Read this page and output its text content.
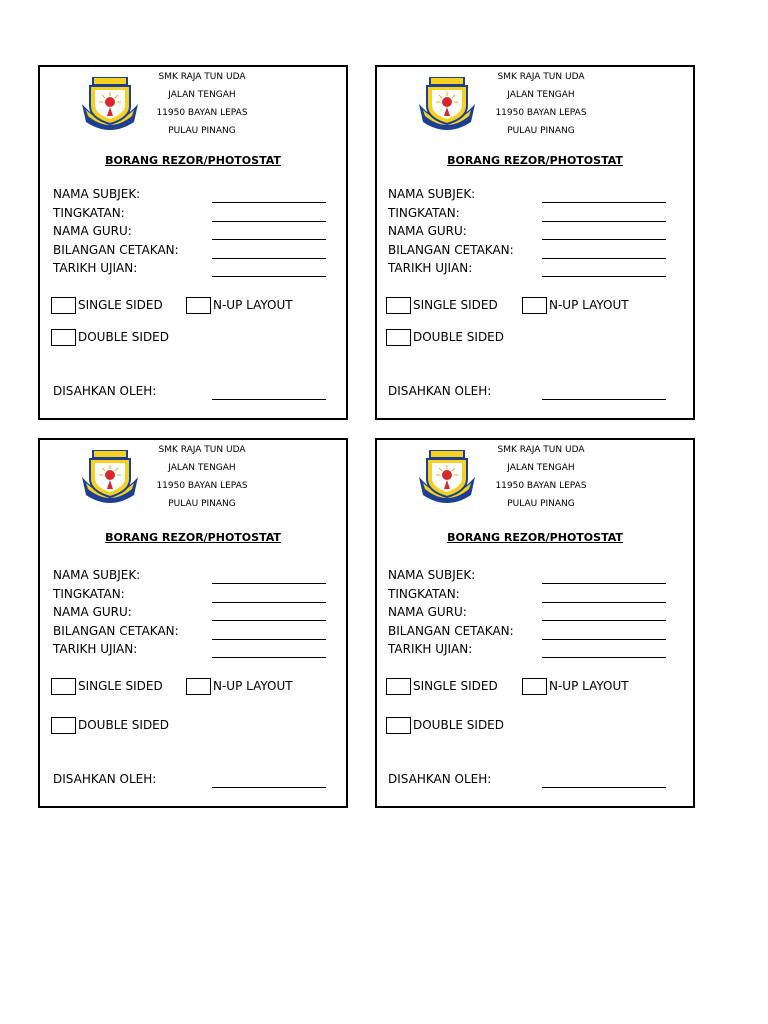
SMK RAJA TUN UDA
JALAN TENGAH
11950 BAYAN LEPAS
PULAU PINANG
BORANG REZOR/PHOTOSTAT
NAMA SUBJEK:
TINGKATAN:
NAMA GURU:
BILANGAN CETAKAN:
TARIKH UJIAN:
SINGLE SIDED	N-UP LAYOUT
DOUBLE SIDED
DISAHKAN OLEH:
SMK RAJA TUN UDA
JALAN TENGAH
11950 BAYAN LEPAS
PULAU PINANG
BORANG REZOR/PHOTOSTAT
NAMA SUBJEK:
TINGKATAN:
NAMA GURU:
BILANGAN CETAKAN:
TARIKH UJIAN:
SINGLE SIDED	N-UP LAYOUT
DOUBLE SIDED
DISAHKAN OLEH:
SMK RAJA TUN UDA
JALAN TENGAH
11950 BAYAN LEPAS
PULAU PINANG
BORANG REZOR/PHOTOSTAT
NAMA SUBJEK:
TINGKATAN:
NAMA GURU:
BILANGAN CETAKAN:
TARIKH UJIAN:
SINGLE SIDED	N-UP LAYOUT
DOUBLE SIDED
DISAHKAN OLEH:
SMK RAJA TUN UDA
JALAN TENGAH
11950 BAYAN LEPAS
PULAU PINANG
BORANG REZOR/PHOTOSTAT
NAMA SUBJEK:
TINGKATAN:
NAMA GURU:
BILANGAN CETAKAN:
TARIKH UJIAN:
SINGLE SIDED	N-UP LAYOUT
DOUBLE SIDED
DISAHKAN OLEH:
